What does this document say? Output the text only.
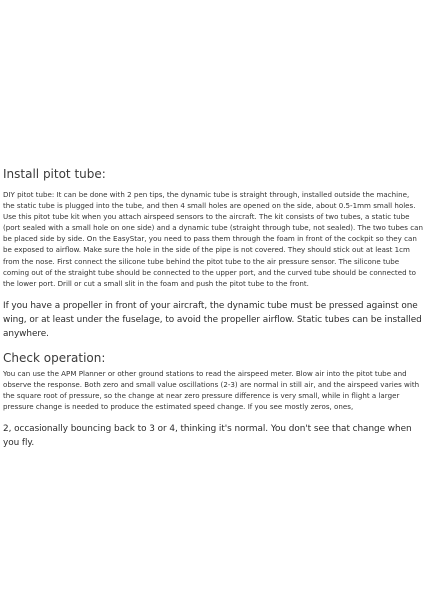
Install pitot tube:

DIY pitot tube: It can be done with 2 pen tips, the dynamic tube is straight through, installed outside the machine, the static tube is plugged into the tube, and then 4 small holes are opened on the side, about 0.5-1mm small holes. Use this pitot tube kit when you attach airspeed sensors to the aircraft. The kit consists of two tubes, a static tube (port sealed with a small hole on one side) and a dynamic tube (straight through tube, not sealed). The two tubes can be placed side by side. On the EasyStar, you need to pass them through the foam in front of the cockpit so they can be exposed to airflow. Make sure the hole in the side of the pipe is not covered. They should stick out at least 1cm from the nose. First connect the silicone tube behind the pitot tube to the air pressure sensor. The silicone tube coming out of the straight tube should be connected to the upper port, and the curved tube should be connected to the lower port. Drill or cut a small slit in the foam and push the pitot tube to the front.

If you have a propeller in front of your aircraft, the dynamic tube must be pressed against one wing, or at least under the fuselage, to avoid the propeller airflow. Static tubes can be installed anywhere.

Check operation:

You can use the APM Planner or other ground stations to read the airspeed meter. Blow air into the pitot tube and observe the response. Both zero and small value oscillations (2-3) are normal in still air, and the airspeed varies with the square root of pressure, so the change at near zero pressure difference is very small, while in flight a larger pressure change is needed to produce the estimated speed change. If you see mostly zeros, ones,

2, occasionally bouncing back to 3 or 4, thinking it's normal. You don't see that change when you fly.
